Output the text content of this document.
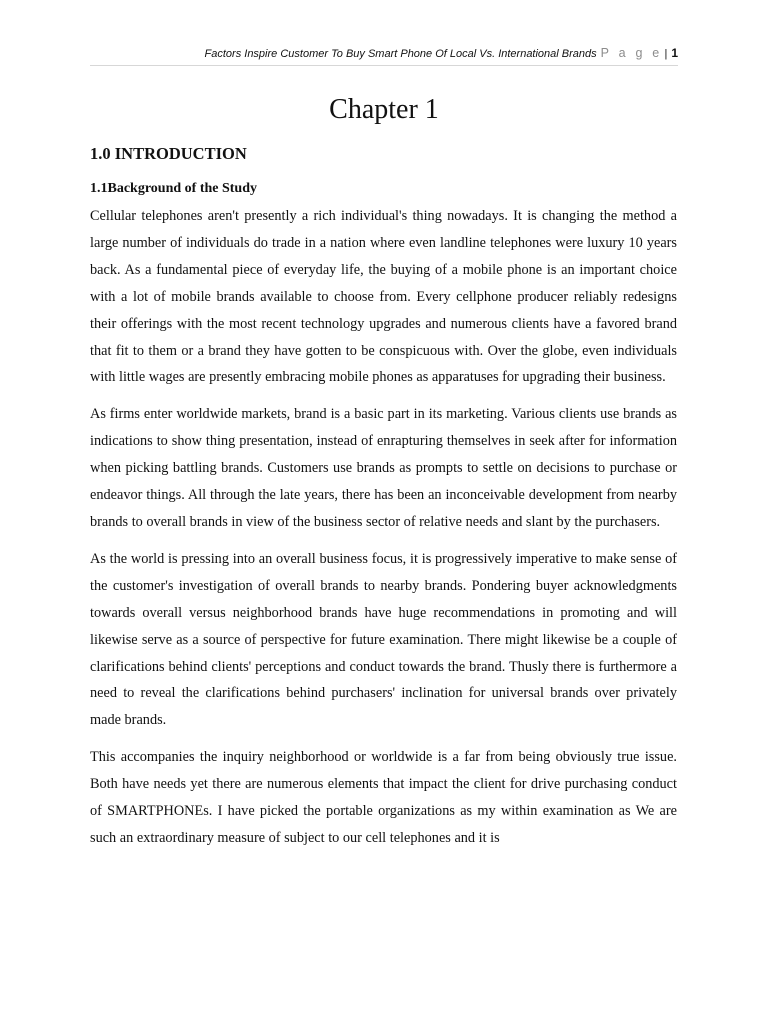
Factors Inspire Customer To Buy Smart Phone Of Local Vs. International Brands P a g e | 1
Chapter 1
1.0 INTRODUCTION
1.1Background of the Study

Cellular telephones aren't presently a rich individual's thing nowadays. It is changing the method a large number of individuals do trade in a nation where even landline telephones were luxury 10 years back. As a fundamental piece of everyday life, the buying of a mobile phone is an important choice with a lot of mobile brands available to choose from. Every cellphone producer reliably redesigns their offerings with the most recent technology upgrades and numerous clients have a favored brand that fit to them or a brand they have gotten to be conspicuous with. Over the globe, even individuals with little wages are presently embracing mobile phones as apparatuses for upgrading their business.

As firms enter worldwide markets, brand is a basic part in its marketing. Various clients use brands as indications to show thing presentation, instead of enrapturing themselves in seek after for information when picking battling brands. Customers use brands as prompts to settle on decisions to purchase or endeavor things. All through the late years, there has been an inconceivable development from nearby brands to overall brands in view of the business sector of relative needs and slant by the purchasers.

As the world is pressing into an overall business focus, it is progressively imperative to make sense of the customer's investigation of overall brands to nearby brands. Pondering buyer acknowledgments towards overall versus neighborhood brands have huge recommendations in promoting and will likewise serve as a source of perspective for future examination. There might likewise be a couple of clarifications behind clients' perceptions and conduct towards the brand. Thusly there is furthermore a need to reveal the clarifications behind purchasers' inclination for universal brands over privately made brands.

This accompanies the inquiry neighborhood or worldwide is a far from being obviously true issue. Both have needs yet there are numerous elements that impact the client for drive purchasing conduct of SMARTPHONEs. I have picked the portable organizations as my within examination as We are such an extraordinary measure of subject to our cell telephones and it is
